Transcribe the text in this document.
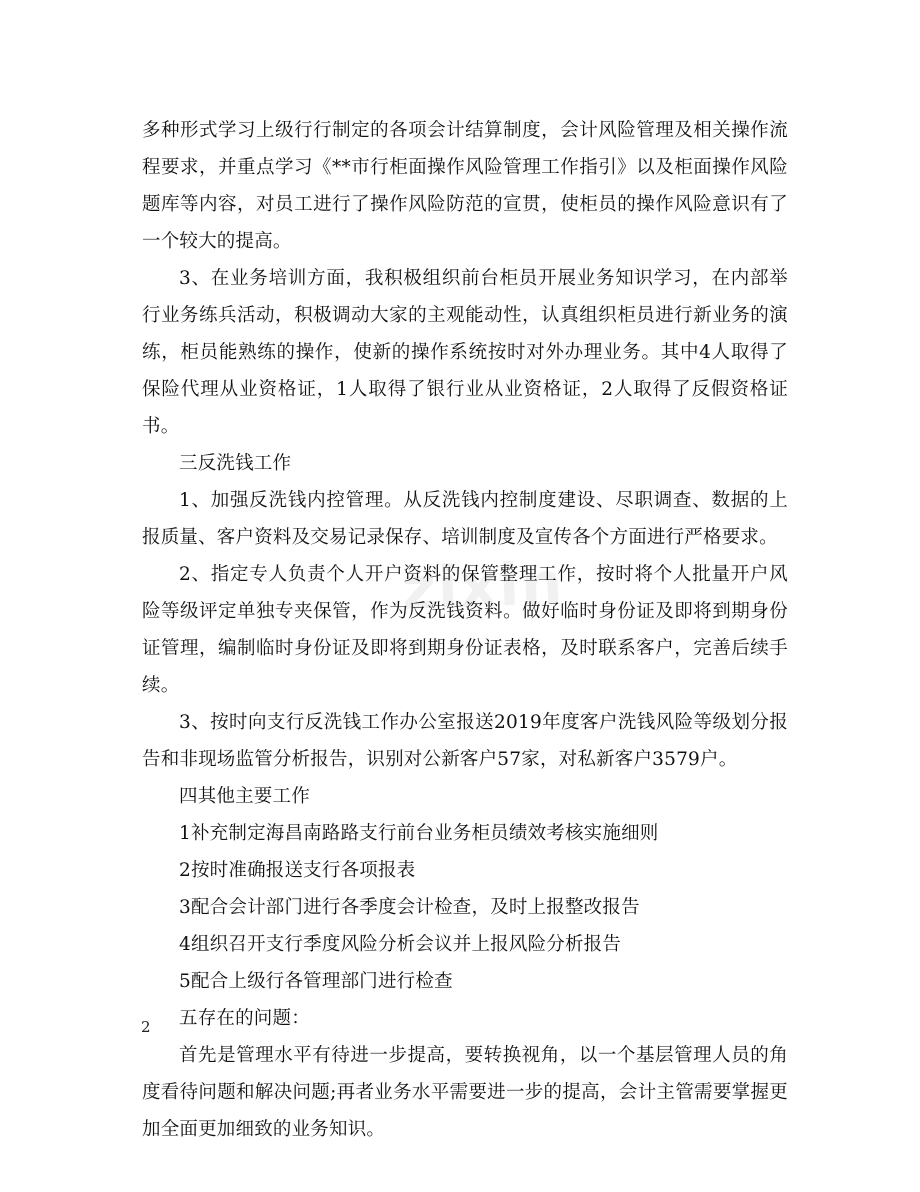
zixin

多种形式学习上级行行制定的各项会计结算制度，会计风险管理及相关操作流程要求，并重点学习《**市行柜面操作风险管理工作指引》以及柜面操作风险题库等内容，对员工进行了操作风险防范的宣贯，使柜员的操作风险意识有了一个较大的提高。

3、在业务培训方面，我积极组织前台柜员开展业务知识学习，在内部举行业务练兵活动，积极调动大家的主观能动性，认真组织柜员进行新业务的演练，柜员能熟练的操作，使新的操作系统按时对外办理业务。其中4人取得了保险代理从业资格证，1人取得了银行业从业资格证，2人取得了反假资格证书。

三反洗钱工作

1、加强反洗钱内控管理。从反洗钱内控制度建设、尽职调查、数据的上报质量、客户资料及交易记录保存、培训制度及宣传各个方面进行严格要求。

2、指定专人负责个人开户资料的保管整理工作，按时将个人批量开户风险等级评定单独专夹保管，作为反洗钱资料。做好临时身份证及即将到期身份证管理，编制临时身份证及即将到期身份证表格，及时联系客户，完善后续手续。

3、按时向支行反洗钱工作办公室报送2019年度客户洗钱风险等级划分报告和非现场监管分析报告，识别对公新客户57家，对私新客户3579户。

四其他主要工作

1补充制定海昌南路路支行前台业务柜员绩效考核实施细则

2按时准确报送支行各项报表

3配合会计部门进行各季度会计检查，及时上报整改报告

4组织召开支行季度风险分析会议并上报风险分析报告

5配合上级行各管理部门进行检查

五存在的问题：

首先是管理水平有待进一步提高，要转换视角，以一个基层管理人员的角度看待问题和解决问题;再者业务水平需要进一步的提高，会计主管需要掌握更加全面更加细致的业务知识。

2
